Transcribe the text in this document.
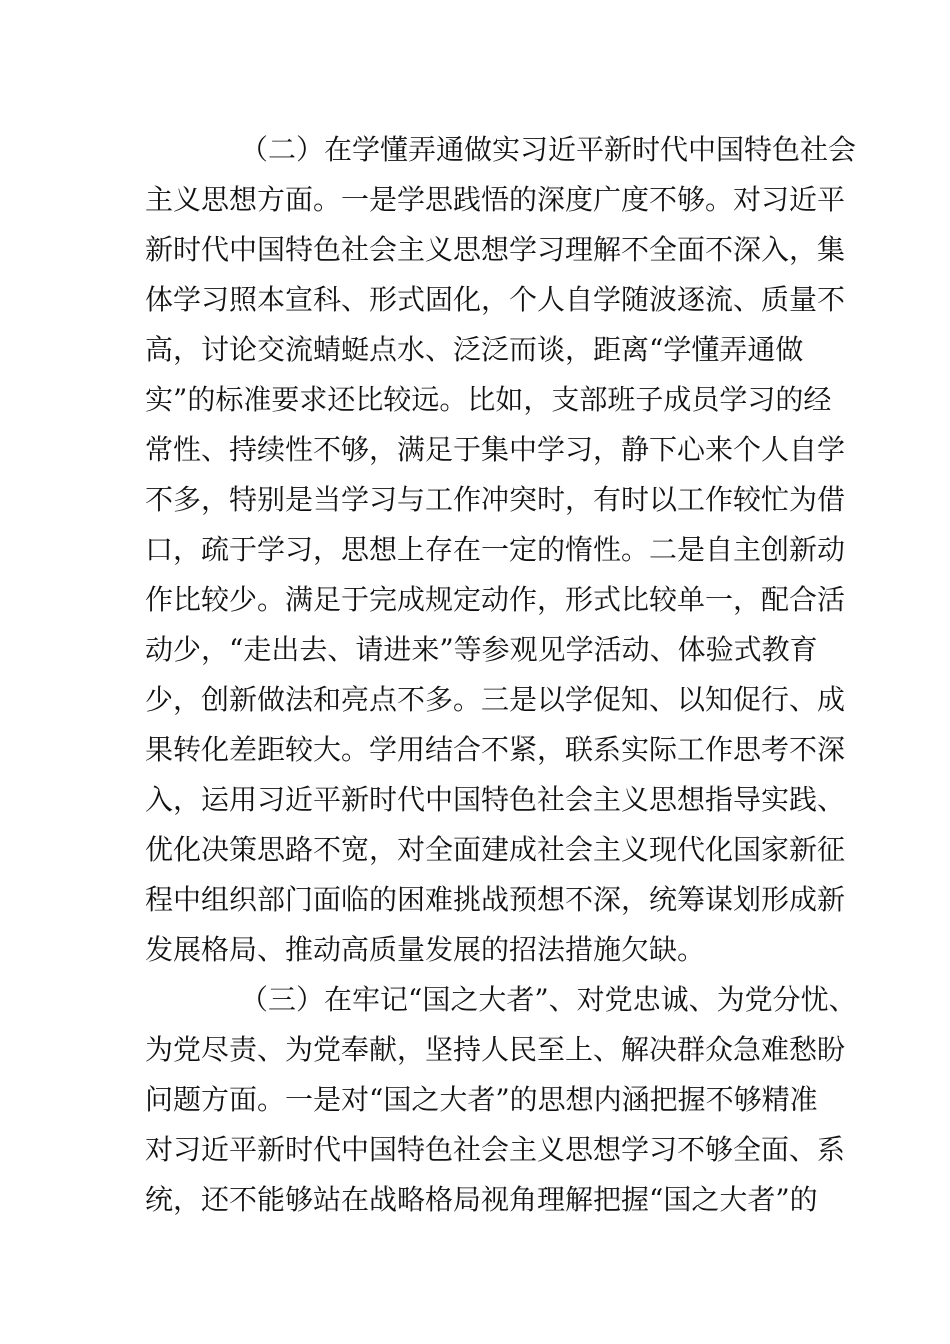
（二）在学懂弄通做实习近平新时代中国特色社会
主义思想方面。一是学思践悟的深度广度不够。对习近平
新时代中国特色社会主义思想学习理解不全面不深入，集
体学习照本宣科、形式固化，个人自学随波逐流、质量不
高，讨论交流蜻蜓点水、泛泛而谈，距离“学懂弄通做
实”的标准要求还比较远。比如，支部班子成员学习的经
常性、持续性不够，满足于集中学习，静下心来个人自学
不多，特别是当学习与工作冲突时，有时以工作较忙为借
口，疏于学习，思想上存在一定的惰性。二是自主创新动
作比较少。满足于完成规定动作，形式比较单一，配合活
动少，“走出去、请进来”等参观见学活动、体验式教育
少，创新做法和亮点不多。三是以学促知、以知促行、成
果转化差距较大。学用结合不紧，联系实际工作思考不深
入，运用习近平新时代中国特色社会主义思想指导实践、
优化决策思路不宽，对全面建成社会主义现代化国家新征
程中组织部门面临的困难挑战预想不深，统筹谋划形成新
发展格局、推动高质量发展的招法措施欠缺。
（三）在牢记“国之大者”、对党忠诚、为党分忧、
为党尽责、为党奉献，坚持人民至上、解决群众急难愁盼
问题方面。一是对“国之大者”的思想内涵把握不够精准
对习近平新时代中国特色社会主义思想学习不够全面、系
统，还不能够站在战略格局视角理解把握“国之大者”的
